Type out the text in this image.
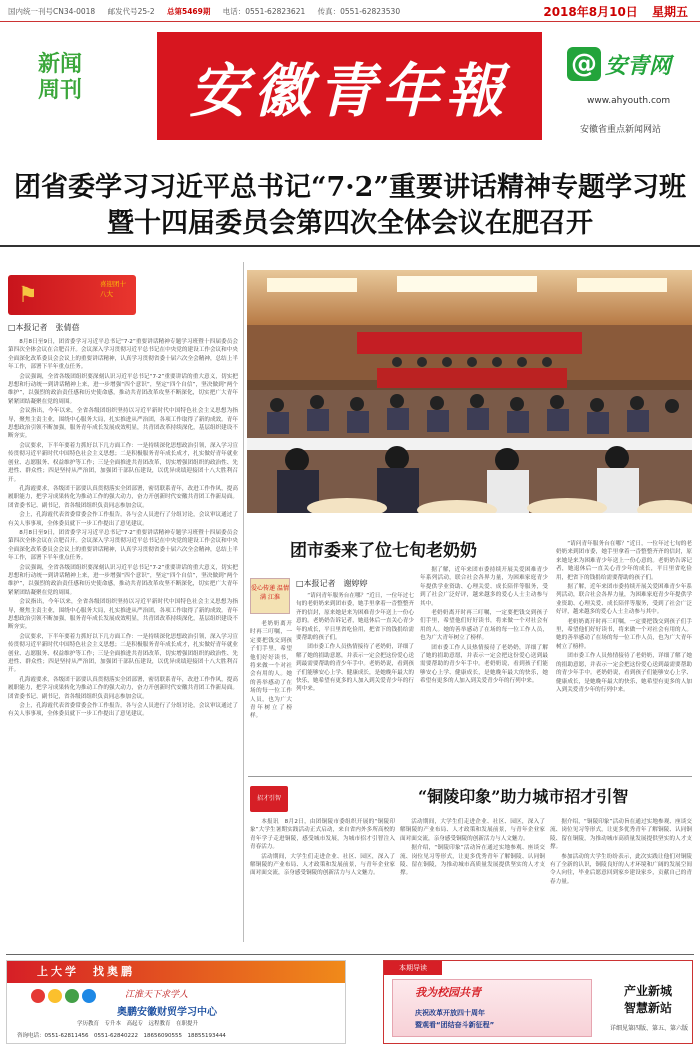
国内统一刊号CN34-0018 邮发代号25-2 总第5469期 电话：0551-62823621 传真：0551-62823530	2018年8月10日 星期五
新闻
周刊	安徽青年報 @ 安青网
www.ahyouth.com
安徽省重点新闻网站
团省委学习习近平总书记“7·2”重要讲话精神专题学习班
暨十四届委员会第四次全体会议在肥召开
⚑	喜迎团十八大
□本报记者　张倩蓓

8月8日至9日，团省委学习习近平总书记“7·2”重要讲话精神专题学习班暨十四届委员会第四次全体会议在合肥召开。会议深入学习贯彻习近平总书记在中央党的建设工作会议和中央全面深化改革委员会会议上的重要讲话精神，认真学习贯彻省委十届六次全会精神，总结上半年工作，部署下半年重点任务。

会议强调，全省各级团组织要深刻认识习近平总书记“7·2”重要讲话的重大意义，切实把思想和行动统一到讲话精神上来，进一步增强“四个意识”，坚定“四个自信”，坚决做到“两个维护”，以强烈的政治责任感和历史使命感，推动共青团改革攻坚不断深化，切实把广大青年紧紧团结凝聚在党的周围。

会议指出，今年以来，全省各级团组织坚持以习近平新时代中国特色社会主义思想为指导，聚焦主责主业，围绕中心服务大局，扎实推进从严治团，各项工作取得了新的成效。青年思想政治引领不断加强，服务青年成长发展成效明显，共青团改革持续深化，基层组织建设不断夯实。

会议要求，下半年要着力抓好以下几方面工作：一是持续深化思想政治引领，深入学习宣传贯彻习近平新时代中国特色社会主义思想；二是积极服务青年成长成才，扎实做好青年就业创业、志愿服务、权益维护等工作；三是全面推进共青团改革，切实增强团组织的政治性、先进性、群众性；四是坚持从严治团，加强团干部队伍建设，以优异成绩迎接团十八大胜利召开。

孔海霞要求，各级团干部要认真贯彻落实全团部署，密切联系青年，改进工作作风，提高履职能力，把学习成果转化为推动工作的强大动力，奋力开创新时代安徽共青团工作新局面。团省委书记、副书记，省各级团组织负责同志参加会议。

会上，孔海霞代表省委常委会作工作报告，各与会人员进行了分组讨论，会议审议通过了有关人事事项，全体委员就下一步工作提出了意见建议。

8月8日至9日，团省委学习习近平总书记“7·2”重要讲话精神专题学习班暨十四届委员会第四次全体会议在合肥召开。会议深入学习贯彻习近平总书记在中央党的建设工作会议和中央全面深化改革委员会会议上的重要讲话精神，认真学习贯彻省委十届六次全会精神，总结上半年工作，部署下半年重点任务。

会议强调，全省各级团组织要深刻认识习近平总书记“7·2”重要讲话的重大意义，切实把思想和行动统一到讲话精神上来，进一步增强“四个意识”，坚定“四个自信”，坚决做到“两个维护”，以强烈的政治责任感和历史使命感，推动共青团改革攻坚不断深化，切实把广大青年紧紧团结凝聚在党的周围。

会议指出，今年以来，全省各级团组织坚持以习近平新时代中国特色社会主义思想为指导，聚焦主责主业，围绕中心服务大局，扎实推进从严治团，各项工作取得了新的成效。青年思想政治引领不断加强，服务青年成长发展成效明显，共青团改革持续深化，基层组织建设不断夯实。

会议要求，下半年要着力抓好以下几方面工作：一是持续深化思想政治引领，深入学习宣传贯彻习近平新时代中国特色社会主义思想；二是积极服务青年成长成才，扎实做好青年就业创业、志愿服务、权益维护等工作；三是全面推进共青团改革，切实增强团组织的政治性、先进性、群众性；四是坚持从严治团，加强团干部队伍建设，以优异成绩迎接团十八大胜利召开。

孔海霞要求，各级团干部要认真贯彻落实全团部署，密切联系青年，改进工作作风，提高履职能力，把学习成果转化为推动工作的强大动力，奋力开创新时代安徽共青团工作新局面。团省委书记、副书记，省各级团组织负责同志参加会议。

会上，孔海霞代表省委常委会作工作报告，各与会人员进行了分组讨论，会议审议通过了有关人事事项，全体委员就下一步工作提出了意见建议。

团市委来了位七旬老奶奶
爱心传递 温情满 江淮
□本报记者　谢婷婷

“请问青年服务台在哪？”近日，一位年过七旬的老奶奶来到团市委，她手里拿着一沓整整齐齐的信封，原来她是来为困难青少年送上一份心意的。老奶奶告诉记者，她退休后一直关心青少年的成长，平日里省吃俭用，把省下的钱捐给需要帮助的孩子们。

团市委工作人员热情接待了老奶奶，详细了解了她的捐助意愿，并表示一定会把这份爱心送到最需要帮助的青少年手中。老奶奶说，看到孩子们能够安心上学、健康成长，是她晚年最大的快乐，她希望有更多的人加入到关爱青少年的行列中来。

老奶奶离开时再三叮嘱，一定要把钱交到孩子们手里，希望他们好好读书，将来做一个对社会有用的人。她的善举感动了在场的每一位工作人员，也为广大青年树立了榜样。

据了解，近年来团市委持续开展关爱困难青少年系列活动，联合社会各界力量，为困难家庭青少年提供学业资助、心理关爱、成长陪伴等服务，受到了社会广泛好评，越来越多的爱心人士主动参与其中。

老奶奶离开时再三叮嘱，一定要把钱交到孩子们手里，希望他们好好读书，将来做一个对社会有用的人。她的善举感动了在场的每一位工作人员，也为广大青年树立了榜样。

团市委工作人员热情接待了老奶奶，详细了解了她的捐助意愿，并表示一定会把这份爱心送到最需要帮助的青少年手中。老奶奶说，看到孩子们能够安心上学、健康成长，是她晚年最大的快乐，她希望有更多的人加入到关爱青少年的行列中来。

“请问青年服务台在哪？”近日，一位年过七旬的老奶奶来到团市委，她手里拿着一沓整整齐齐的信封，原来她是来为困难青少年送上一份心意的。老奶奶告诉记者，她退休后一直关心青少年的成长，平日里省吃俭用，把省下的钱捐给需要帮助的孩子们。

据了解，近年来团市委持续开展关爱困难青少年系列活动，联合社会各界力量，为困难家庭青少年提供学业资助、心理关爱、成长陪伴等服务，受到了社会广泛好评，越来越多的爱心人士主动参与其中。

老奶奶离开时再三叮嘱，一定要把钱交到孩子们手里，希望他们好好读书，将来做一个对社会有用的人。她的善举感动了在场的每一位工作人员，也为广大青年树立了榜样。

团市委工作人员热情接待了老奶奶，详细了解了她的捐助意愿，并表示一定会把这份爱心送到最需要帮助的青少年手中。老奶奶说，看到孩子们能够安心上学、健康成长，是她晚年最大的快乐，她希望有更多的人加入到关爱青少年的行列中来。

招才引智	“铜陵印象”助力城市招才引智

本报讯　8月2日，由团铜陵市委组织开展的“铜陵印象”大学生暑期实践活动正式启动，来自省内外多所高校的青年学子走进铜陵，感受城市发展，为城市招才引智注入青春活力。

活动期间，大学生们走进企业、社区、园区，深入了解铜陵的产业布局、人才政策和发展前景，与青年企业家面对面交流，亲身感受铜陵的创新活力与人文魅力。

活动期间，大学生们走进企业、社区、园区，深入了解铜陵的产业布局、人才政策和发展前景，与青年企业家面对面交流，亲身感受铜陵的创新活力与人文魅力。

据介绍，“铜陵印象”活动旨在通过实地参观、座谈交流、岗位见习等形式，让更多优秀青年了解铜陵、认同铜陵、留在铜陵，为推动城市高质量发展提供坚实的人才支撑。

据介绍，“铜陵印象”活动旨在通过实地参观、座谈交流、岗位见习等形式，让更多优秀青年了解铜陵、认同铜陵、留在铜陵，为推动城市高质量发展提供坚实的人才支撑。

参加活动的大学生纷纷表示，此次实践让他们对铜陵有了全新的认识，铜陵良好的人才环境和广阔的发展空间令人向往，毕业后愿意回到家乡建设家乡，贡献自己的青春力量。

上大学　找奥鹏
江淮天下求学人
奥鹏安徽财贸学习中心
学历教育　专升本　高起专　远程教育　在职提升
咨询电话：0551-62811456　0551-62840222　18656090555　18855193444
本期导读
我为校园共青
庆祝改革开放四十周年
暨观看“团结奋斗新征程”
产业新城
智慧新站
详细见第四版、第五、第六版
